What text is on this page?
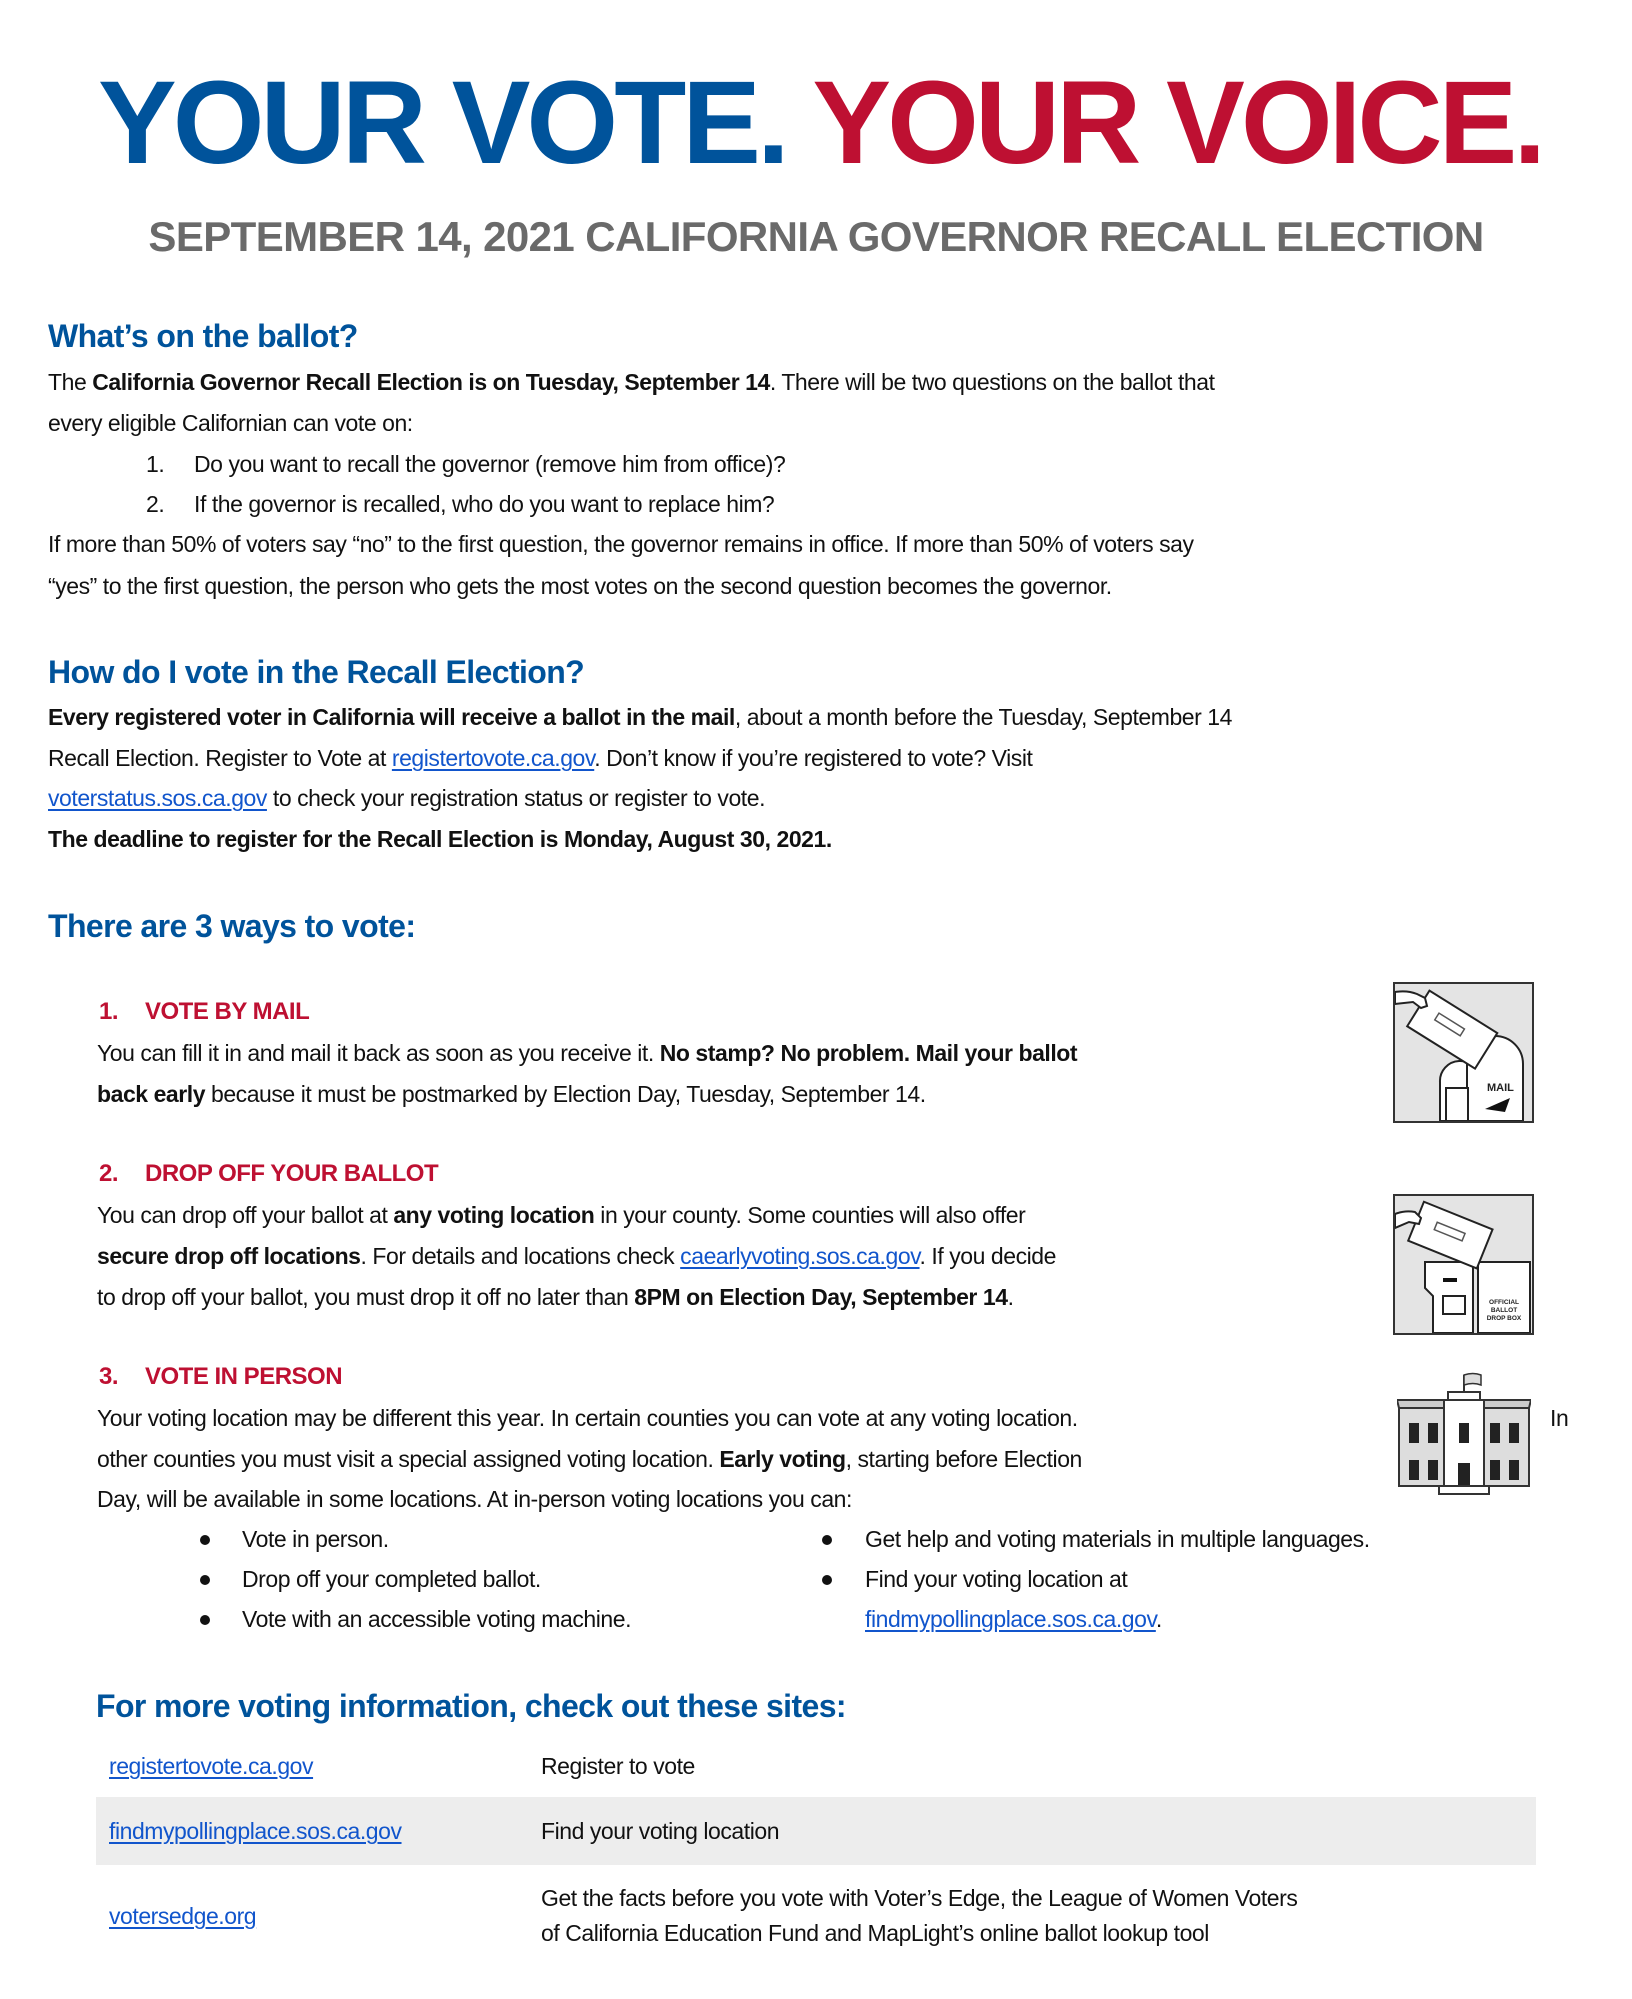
YOUR VOTE. YOUR VOICE.
SEPTEMBER 14, 2021 CALIFORNIA GOVERNOR RECALL ELECTION
What’s on the ballot?
The California Governor Recall Election is on Tuesday, September 14. There will be two questions on the ballot that
every eligible Californian can vote on:
1. Do you want to recall the governor (remove him from office)?
2. If the governor is recalled, who do you want to replace him?
If more than 50% of voters say “no” to the first question, the governor remains in office. If more than 50% of voters say
“yes” to the first question, the person who gets the most votes on the second question becomes the governor.
How do I vote in the Recall Election?
Every registered voter in California will receive a ballot in the mail, about a month before the Tuesday, September 14
Recall Election. Register to Vote at registertovote.ca.gov. Don’t know if you’re registered to vote? Visit
voterstatus.sos.ca.gov to check your registration status or register to vote.
The deadline to register for the Recall Election is Monday, August 30, 2021.
There are 3 ways to vote:
1. VOTE BY MAIL
You can fill it in and mail it back as soon as you receive it. No stamp? No problem. Mail your ballot
back early because it must be postmarked by Election Day, Tuesday, September 14.	MAIL
2. DROP OFF YOUR BALLOT
You can drop off your ballot at any voting location in your county. Some counties will also offer
secure drop off locations. For details and locations check caearlyvoting.sos.ca.gov. If you decide
to drop off your ballot, you must drop it off no later than 8PM on Election Day, September 14.	OFFICIAL
BALLOT
DROP BOX
3. VOTE IN PERSON
Your voting location may be different this year. In certain counties you can vote at any voting location.	In
other counties you must visit a special assigned voting location. Early voting, starting before Election
Day, will be available in some locations. At in-person voting locations you can:
Vote in person.
Drop off your completed ballot.
Vote with an accessible voting machine.
Get help and voting materials in multiple languages.
Find your voting location at
findmypollingplace.sos.ca.gov.
For more voting information, check out these sites:
registertovote.ca.gov	Register to vote
findmypollingplace.sos.ca.gov	Find your voting location
votersedge.org
Get the facts before you vote with Voter’s Edge, the League of Women Voters
of California Education Fund and MapLight’s online ballot lookup tool
